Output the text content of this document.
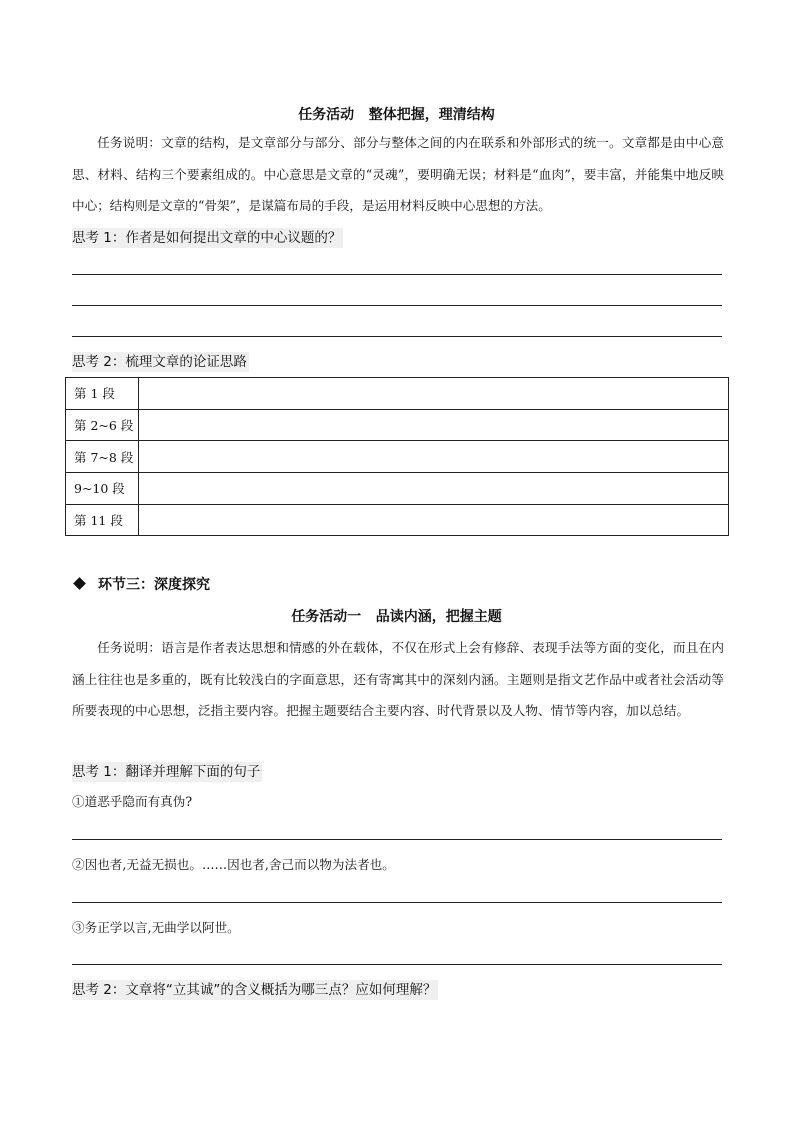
任务活动   整体把握，理清结构
任务说明：文章的结构，是文章部分与部分、部分与整体之间的内在联系和外部形式的统一。文章都是由中心意思、材料、结构三个要素组成的。中心意思是文章的“灵魂”，要明确无误；材料是“血肉”，要丰富，并能集中地反映中心；结构则是文章的“骨架”，是谋篇布局的手段，是运用材料反映中心思想的方法。
思考 1：作者是如何提出文章的中心议题的？
思考 2：梳理文章的论证思路
第 1 段	
第 2~6 段	
第 7~8 段	
9~10 段	
第 11 段	
环节三：深度探究
任务活动一   品读内涵，把握主题
任务说明：语言是作者表达思想和情感的外在载体，不仅在形式上会有修辞、表现手法等方面的变化，而且在内涵上往往也是多重的，既有比较浅白的字面意思，还有寄寓其中的深刻内涵。主题则是指文艺作品中或者社会活动等所要表现的中心思想，泛指主要内容。把握主题要结合主要内容、时代背景以及人物、情节等内容，加以总结。
思考 1：翻译并理解下面的句子
①道恶乎隐而有真伪?
②因也者,无益无损也。……因也者,舍己而以物为法者也。
③务正学以言,无曲学以阿世。
思考 2：文章将“立其诚”的含义概括为哪三点？应如何理解？
